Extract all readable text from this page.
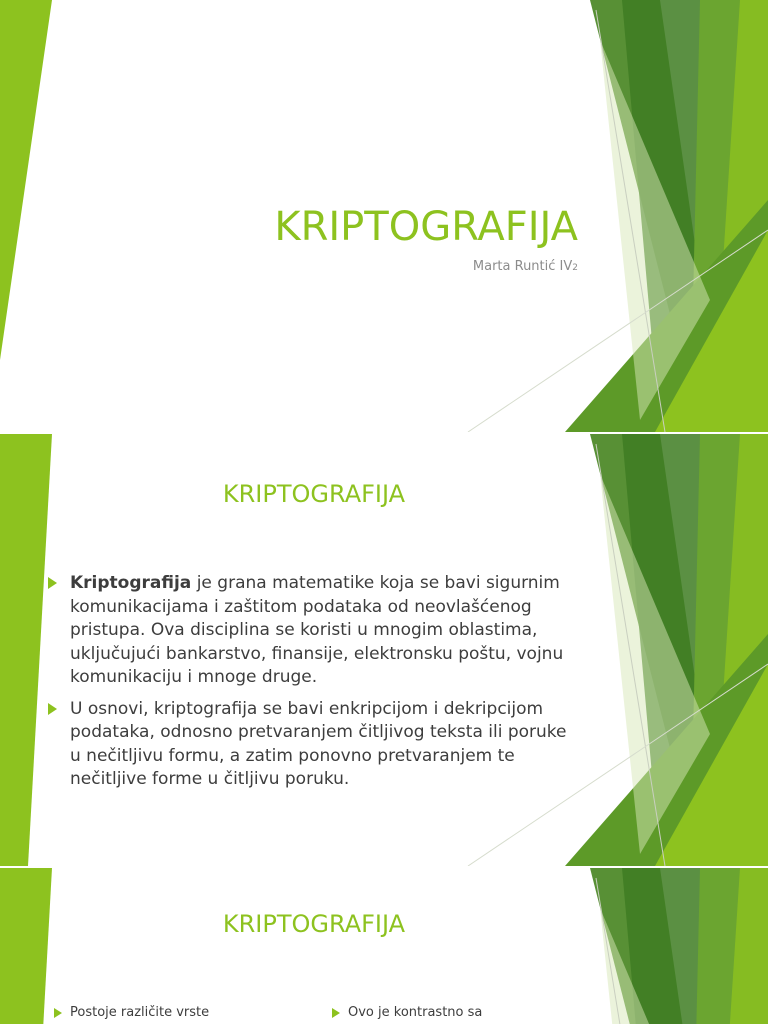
KRIPTOGRAFIJA
Marta Runtić IV2
KRIPTOGRAFIJA
Kriptografija je grana matematike koja se bavi sigurnim komunikacijama i zaštitom podataka od neovlašćenog pristupa. Ova disciplina se koristi u mnogim oblastima, uključujući bankarstvo, finansije, elektronsku poštu, vojnu komunikaciju i mnoge druge.
U osnovi, kriptografija se bavi enkripcijom i dekripcijom podataka, odnosno pretvaranjem čitljivog teksta ili poruke u nečitljivu formu, a zatim ponovno pretvaranjem te nečitljive forme u čitljivu poruku.
KRIPTOGRAFIJA
Postoje različite vrste	Ovo je kontrastno sa
